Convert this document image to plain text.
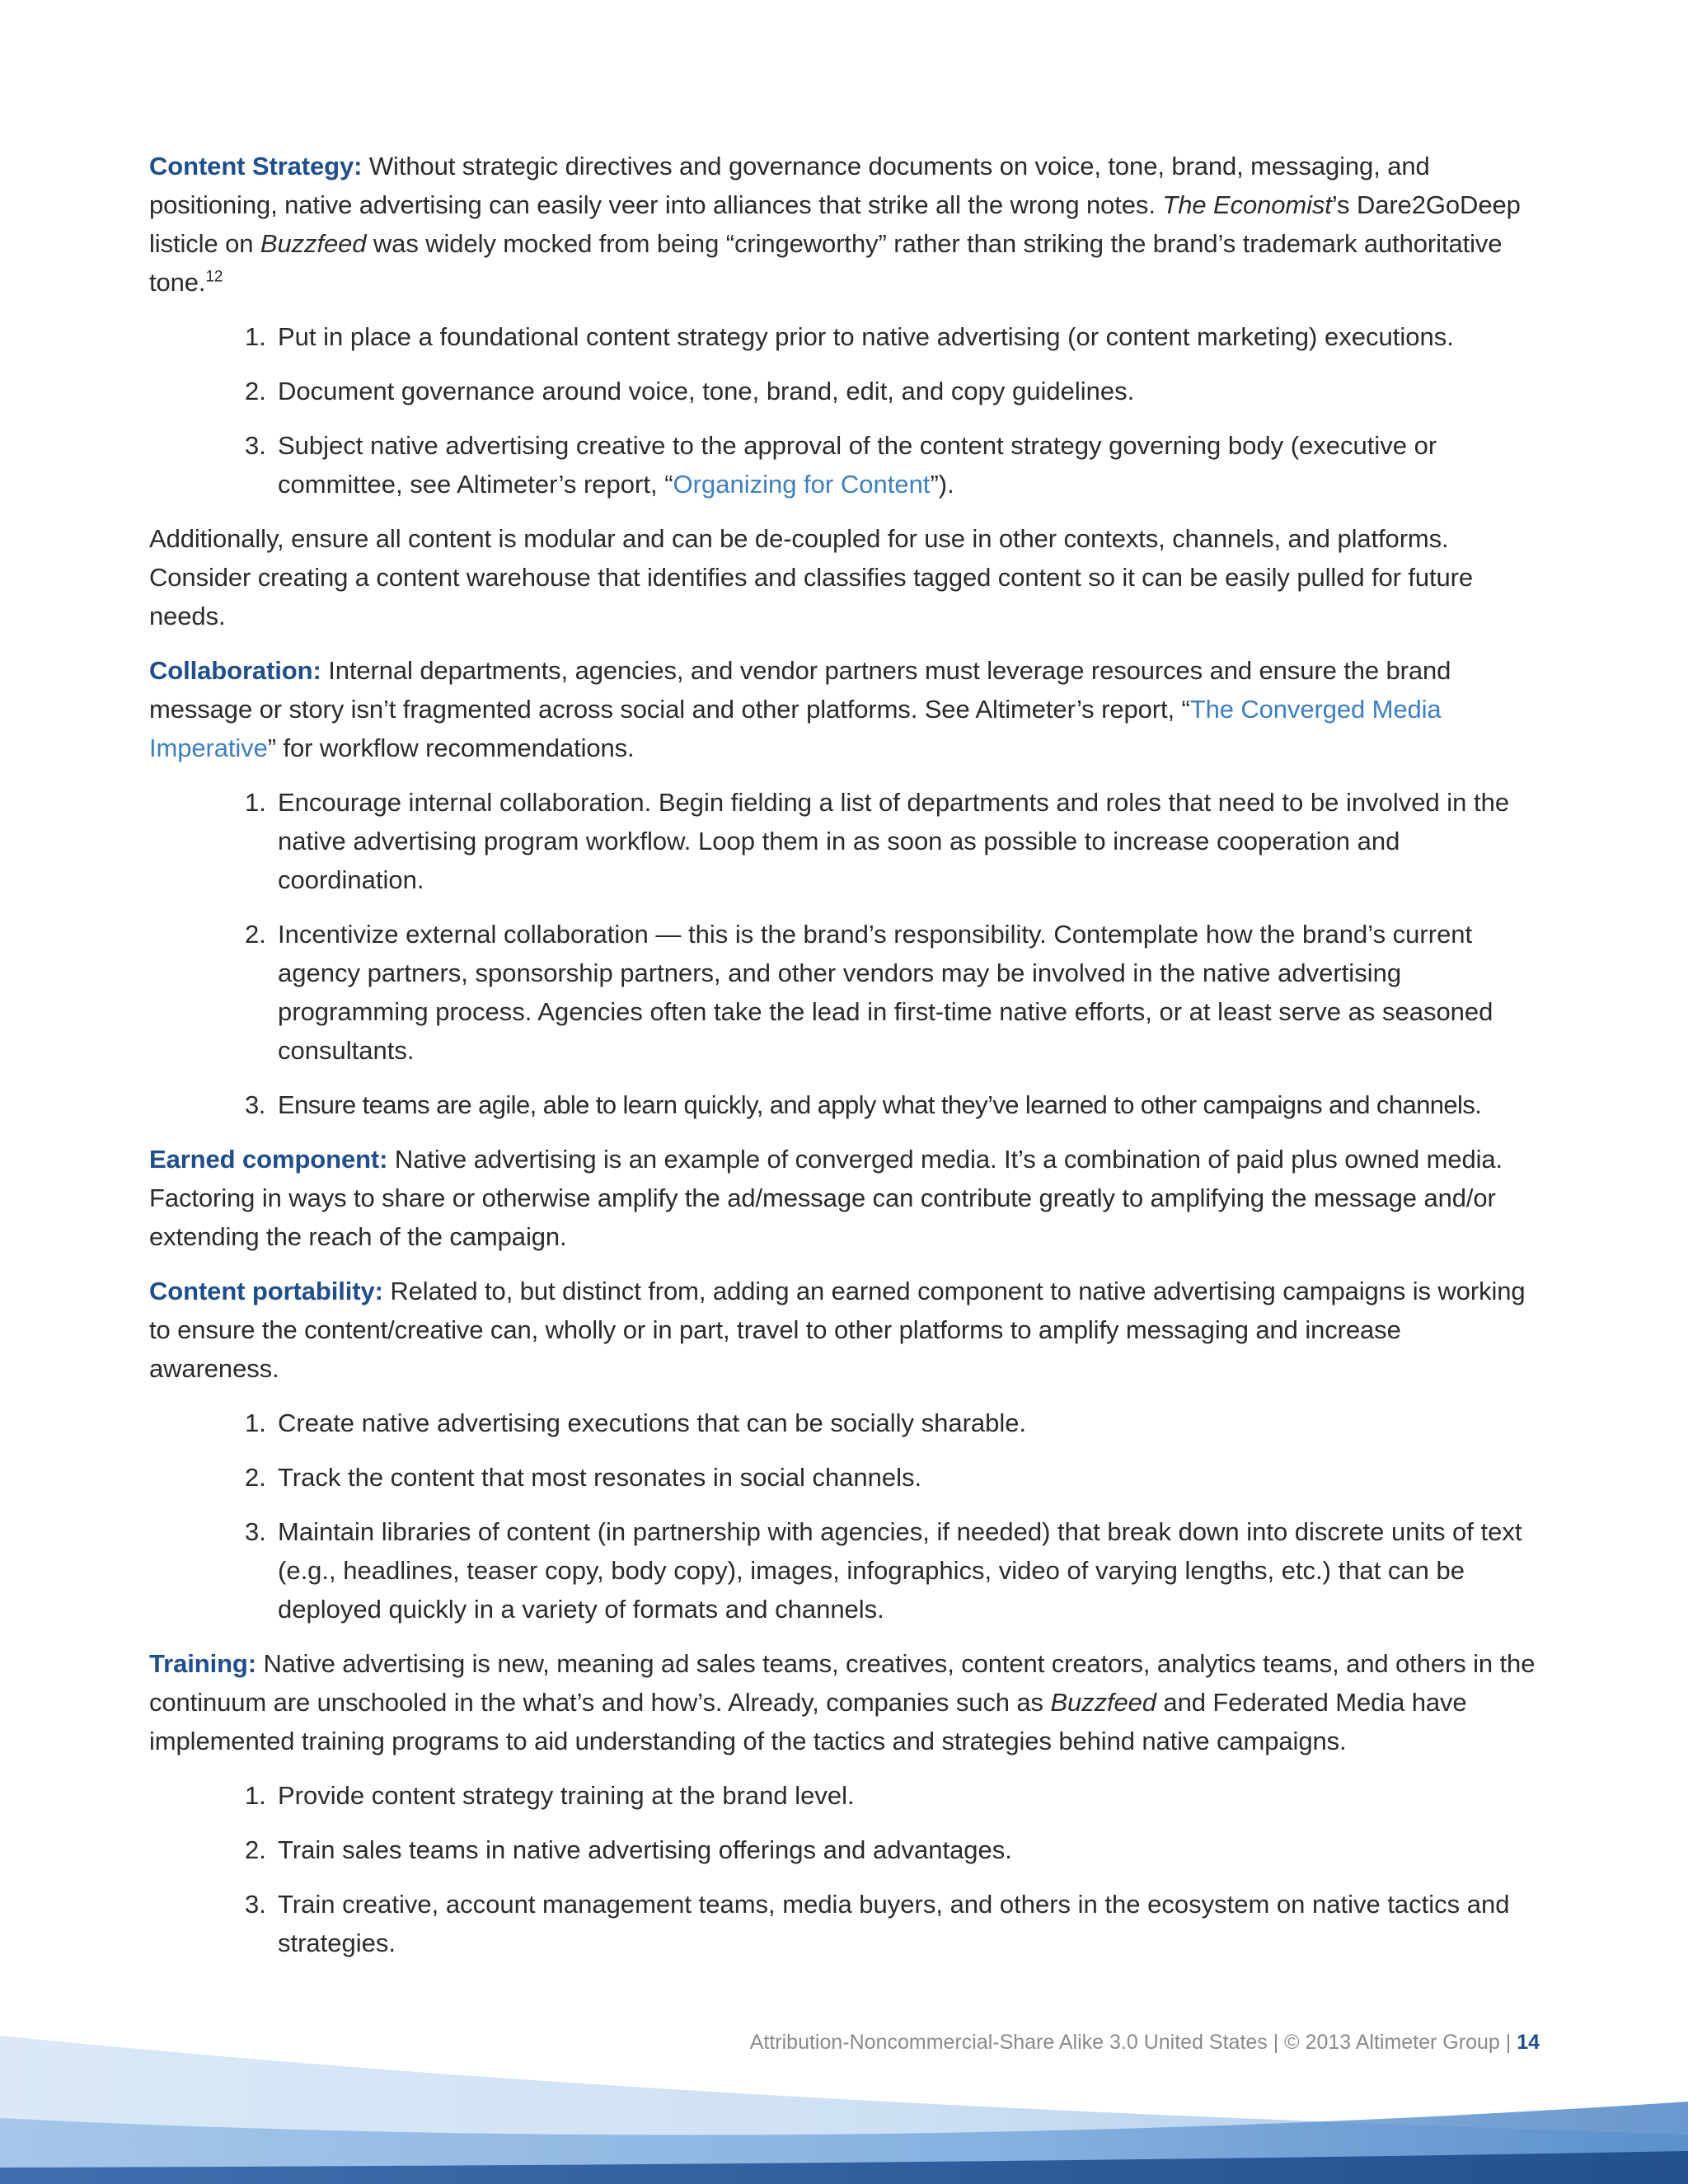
Content Strategy: Without strategic directives and governance documents on voice, tone, brand, messaging, and positioning, native advertising can easily veer into alliances that strike all the wrong notes. The Economist’s Dare2GoDeep listicle on Buzzfeed was widely mocked from being “cringeworthy” rather than striking the brand’s trademark authoritative tone.$^{12}$

1. Put in place a foundational content strategy prior to native advertising (or content marketing) executions.
2. Document governance around voice, tone, brand, edit, and copy guidelines.
3. Subject native advertising creative to the approval of the content strategy governing body (executive or committee, see Altimeter’s report, “Organizing for Content”).

Additionally, ensure all content is modular and can be de-coupled for use in other contexts, channels, and platforms. Consider creating a content warehouse that identifies and classifies tagged content so it can be easily pulled for future needs.

Collaboration: Internal departments, agencies, and vendor partners must leverage resources and ensure the brand message or story isn’t fragmented across social and other platforms. See Altimeter’s report, “The Converged Media Imperative” for workflow recommendations.

1. Encourage internal collaboration. Begin fielding a list of departments and roles that need to be involved in the native advertising program workflow. Loop them in as soon as possible to increase cooperation and coordination.
2. Incentivize external collaboration — this is the brand’s responsibility. Contemplate how the brand’s current agency partners, sponsorship partners, and other vendors may be involved in the native advertising programming process. Agencies often take the lead in first-time native efforts, or at least serve as seasoned consultants.
3. Ensure teams are agile, able to learn quickly, and apply what they’ve learned to other campaigns and channels.

Earned component: Native advertising is an example of converged media. It’s a combination of paid plus owned media. Factoring in ways to share or otherwise amplify the ad/message can contribute greatly to amplifying the message and/or extending the reach of the campaign.

Content portability: Related to, but distinct from, adding an earned component to native advertising campaigns is working to ensure the content/creative can, wholly or in part, travel to other platforms to amplify messaging and increase awareness.

1. Create native advertising executions that can be socially sharable.
2. Track the content that most resonates in social channels.
3. Maintain libraries of content (in partnership with agencies, if needed) that break down into discrete units of text (e.g., headlines, teaser copy, body copy), images, infographics, video of varying lengths, etc.) that can be deployed quickly in a variety of formats and channels.

Training: Native advertising is new, meaning ad sales teams, creatives, content creators, analytics teams, and others in the continuum are unschooled in the what’s and how’s. Already, companies such as Buzzfeed and Federated Media have implemented training programs to aid understanding of the tactics and strategies behind native campaigns.

1. Provide content strategy training at the brand level.
2. Train sales teams in native advertising offerings and advantages.
3. Train creative, account management teams, media buyers, and others in the ecosystem on native tactics and strategies.
Attribution-Noncommercial-Share Alike 3.0 United States | © 2013 Altimeter Group | 14
